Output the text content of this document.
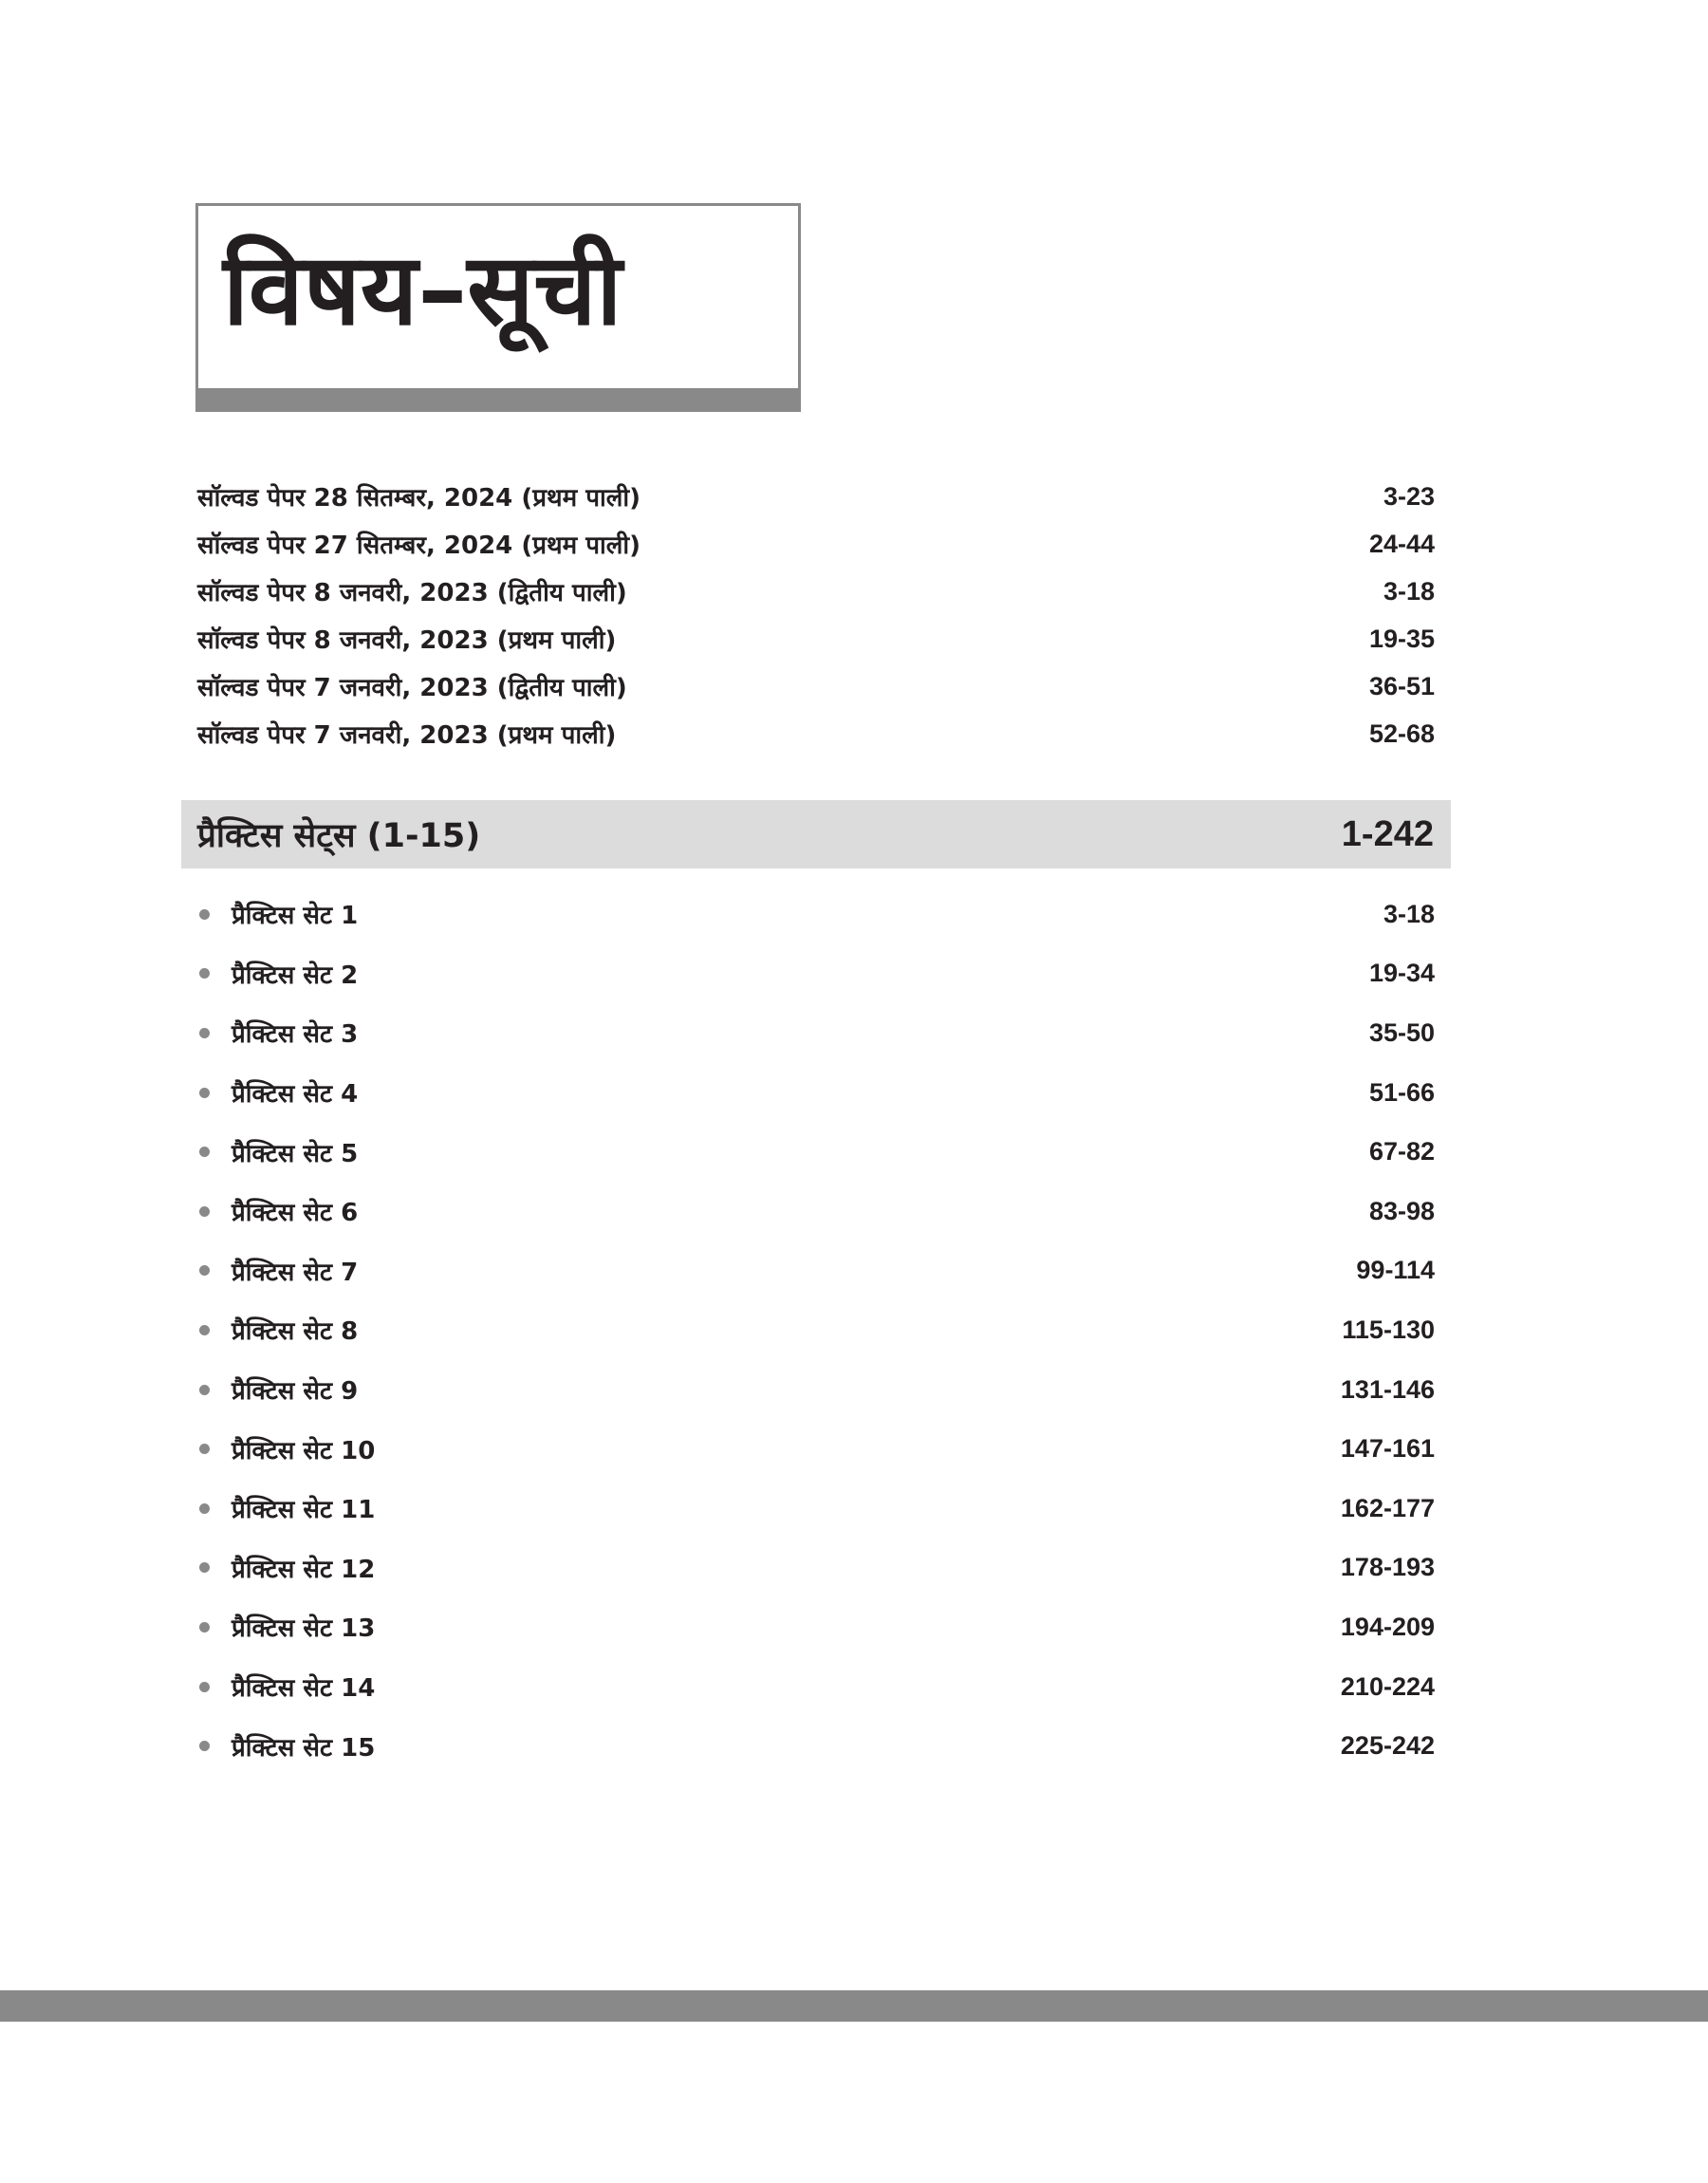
विषय–सूची
सॉल्वड पेपर 28 सितम्बर, 2024 (प्रथम पाली)	3-23
सॉल्वड पेपर 27 सितम्बर, 2024 (प्रथम पाली)	24-44
सॉल्वड पेपर 8 जनवरी, 2023 (द्वितीय पाली)	3-18
सॉल्वड पेपर 8 जनवरी, 2023 (प्रथम पाली)	19-35
सॉल्वड पेपर 7 जनवरी, 2023 (द्वितीय पाली)	36-51
सॉल्वड पेपर 7 जनवरी, 2023 (प्रथम पाली)	52-68
प्रैक्टिस सेट्स (1-15)	1-242
प्रैक्टिस सेट 1	3-18
प्रैक्टिस सेट 2	19-34
प्रैक्टिस सेट 3	35-50
प्रैक्टिस सेट 4	51-66
प्रैक्टिस सेट 5	67-82
प्रैक्टिस सेट 6	83-98
प्रैक्टिस सेट 7	99-114
प्रैक्टिस सेट 8	115-130
प्रैक्टिस सेट 9	131-146
प्रैक्टिस सेट 10	147-161
प्रैक्टिस सेट 11	162-177
प्रैक्टिस सेट 12	178-193
प्रैक्टिस सेट 13	194-209
प्रैक्टिस सेट 14	210-224
प्रैक्टिस सेट 15	225-242
